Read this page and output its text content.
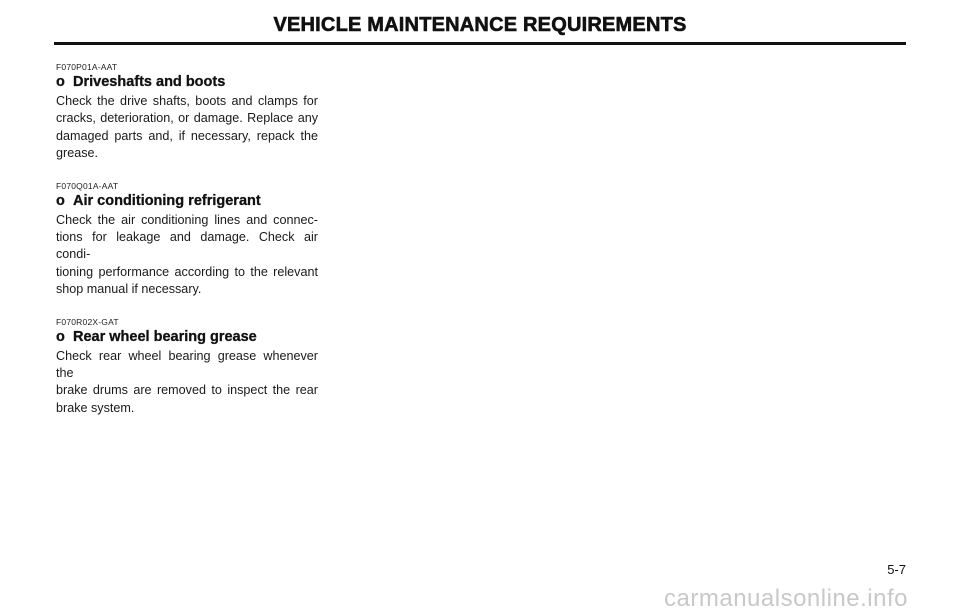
VEHICLE MAINTENANCE REQUIREMENTS
F070P01A-AAT
o Driveshafts and boots
Check the drive shafts, boots and clamps for
cracks, deterioration, or damage. Replace any
damaged parts and, if necessary, repack the
grease.
F070Q01A-AAT
o Air conditioning refrigerant
Check the air conditioning lines and connec-
tions for leakage and damage. Check air condi-
tioning performance according to the relevant
shop manual if necessary.
F070R02X-GAT
o Rear wheel bearing grease
Check rear wheel bearing grease whenever the
brake drums are removed to inspect the rear
brake system.
5-7
carmanualsonline.info
